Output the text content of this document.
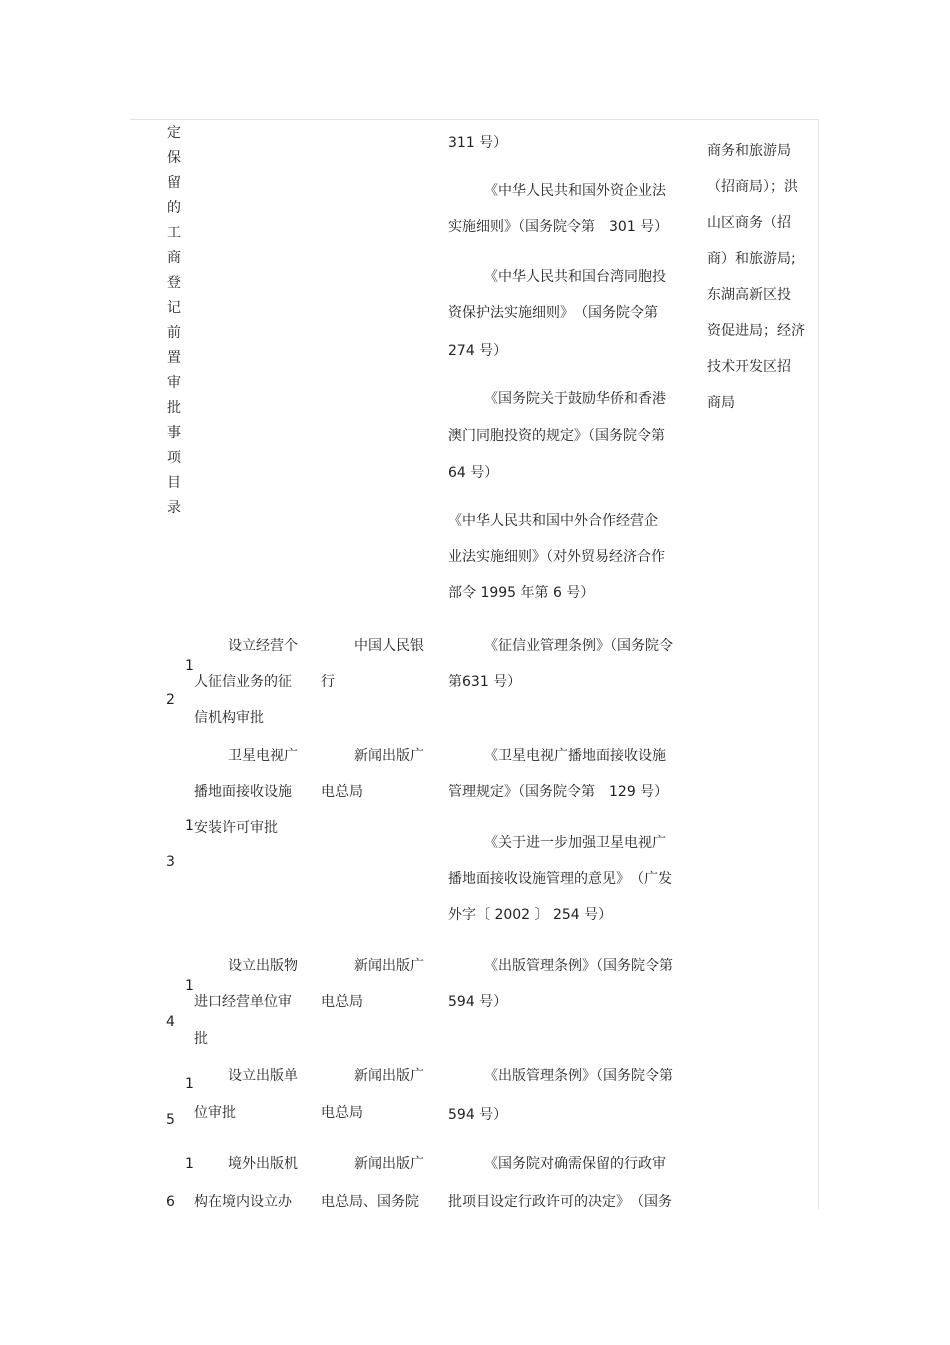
定
保
留
的
工
商
登
记
前
置
审
批
事
项
目
录
311 号）
《中华人民共和国外资企业法
实施细则》（国务院令第　301 号）
《中华人民共和国台湾同胞投
资保护法实施细则》　（国务院令第
274 号）
《国务院关于鼓励华侨和香港
澳门同胞投资的规定》（国务院令第
64 号）
《中华人民共和国中外合作经营企
业法实施细则》（对外贸易经济合作
部令 1995 年第 6 号）
商务和旅游局
（招商局）；洪
山区商务（招
商）和旅游局;
东湖高新区投
资促进局；经济
技术开发区招
商局
1
2
设立经营个
人征信业务的征
信机构审批
中国人民银
行
《征信业管理条例》（国务院令
第631 号）
1
3
卫星电视广
播地面接收设施
安装许可审批
新闻出版广
电总局
《卫星电视广播地面接收设施
管理规定》（国务院令第　129 号）
《关于进一步加强卫星电视广
播地面接收设施管理的意见》　（广发
外字〔 2002 〕 254 号）
1
4
设立出版物
进口经营单位审
批
新闻出版广
电总局
《出版管理条例》（国务院令第
594 号）
1
5
设立出版单
位审批
新闻出版广
电总局
《出版管理条例》（国务院令第
594 号）
1
6
境外出版机
构在境内设立办
新闻出版广
电总局、国务院
《国务院对确需保留的行政审
批项目设定行政许可的决定》　（国务
